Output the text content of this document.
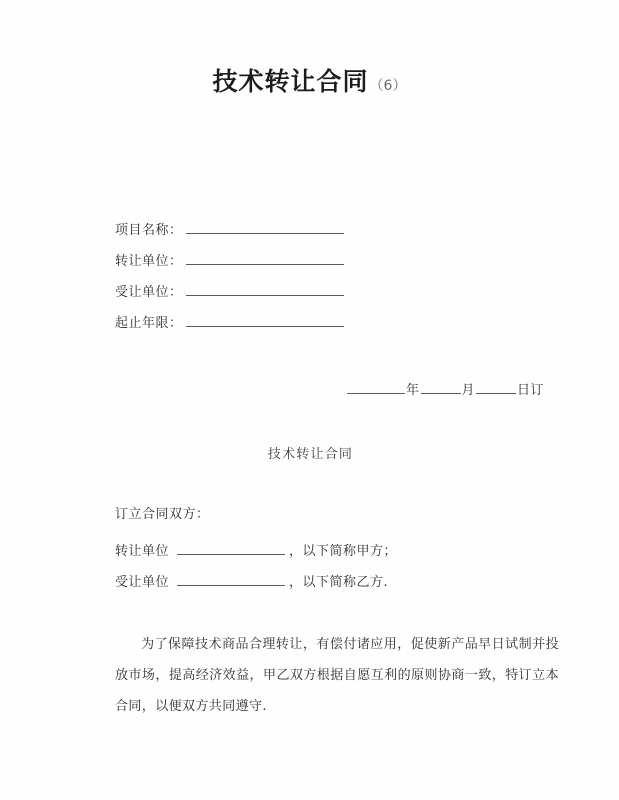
技术转让合同（6）
项目名称 ：
转让单位 ：
受让单位 ：
起止年限 ：
年	月	日订
技术转让合同
订立合同双方：
转让单位	，以下简称甲方；
受让单位	，以下简称乙方.
为了保障技术商品合理转让，有偿付诸应用，促使新产品早日试制并投放市场，提高经济效益，甲乙双方根据自愿互利的原则协商一致，特订立本合同，以便双方共同遵守.
